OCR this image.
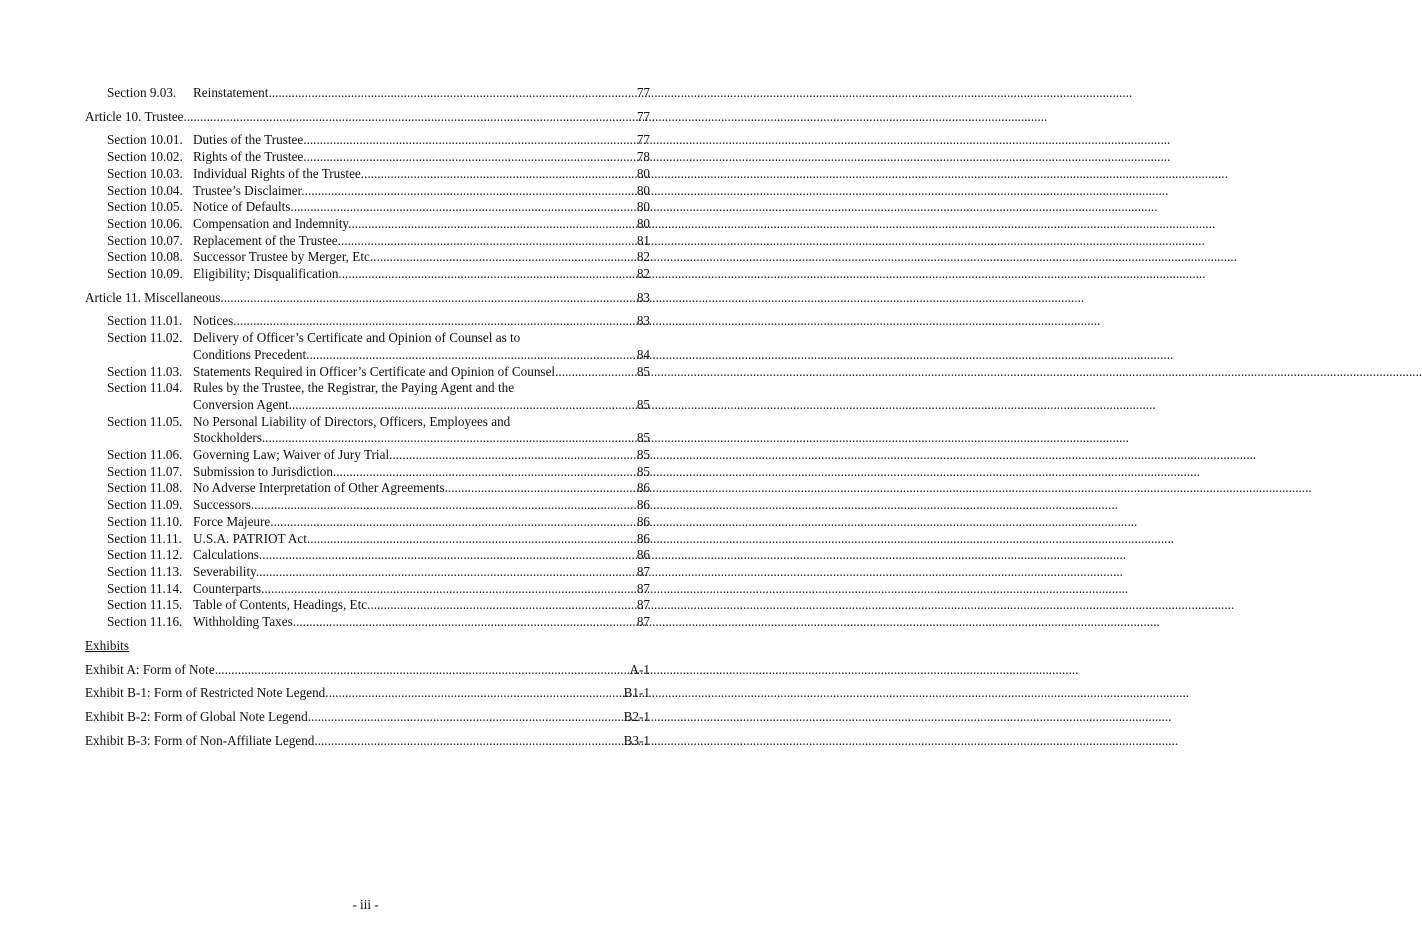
Section 9.03.	Reinstatement .....	77
Article 10. Trustee .....	77
Section 10.01. Duties of the Trustee. .....	77
Section 10.02. Rights of the Trustee. .....	78
Section 10.03. Individual Rights of the Trustee. .....	80
Section 10.04. Trustee’s Disclaimer. .....	80
Section 10.05. Notice of Defaults. .....	80
Section 10.06. Compensation and Indemnity. .....	80
Section 10.07. Replacement of the Trustee. .....	81
Section 10.08. Successor Trustee by Merger, Etc. .....	82
Section 10.09. Eligibility; Disqualification. .....	82
Article 11. Miscellaneous .....	83
Section 11.01. Notices. .....	83
Section 11.02. Delivery of Officer’s Certificate and Opinion of Counsel as to
Conditions Precedent. .....	84
Section 11.03. Statements Required in Officer’s Certificate and Opinion of Counsel. .....	85
Section 11.04. Rules by the Trustee, the Registrar, the Paying Agent and the
Conversion Agent. .....	85
Section 11.05. No Personal Liability of Directors, Officers, Employees and
Stockholders. .....	85
Section 11.06. Governing Law; Waiver of Jury Trial. .....	85
Section 11.07. Submission to Jurisdiction. .....	85
Section 11.08. No Adverse Interpretation of Other Agreements. .....	86
Section 11.09. Successors. .....	86
Section 11.10. Force Majeure. .....	86
Section 11.11. U.S.A. PATRIOT Act. .....	86
Section 11.12. Calculations. .....	86
Section 11.13. Severability. .....	87
Section 11.14. Counterparts. .....	87
Section 11.15. Table of Contents, Headings, Etc. .....	87
Section 11.16. Withholding Taxes. .....	87
Exhibits
Exhibit A: Form of Note .....	A-1
Exhibit B-1: Form of Restricted Note Legend .....	B1-1
Exhibit B-2: Form of Global Note Legend .....	B2-1
Exhibit B-3: Form of Non-Affiliate Legend .....	B3-1
- iii -
